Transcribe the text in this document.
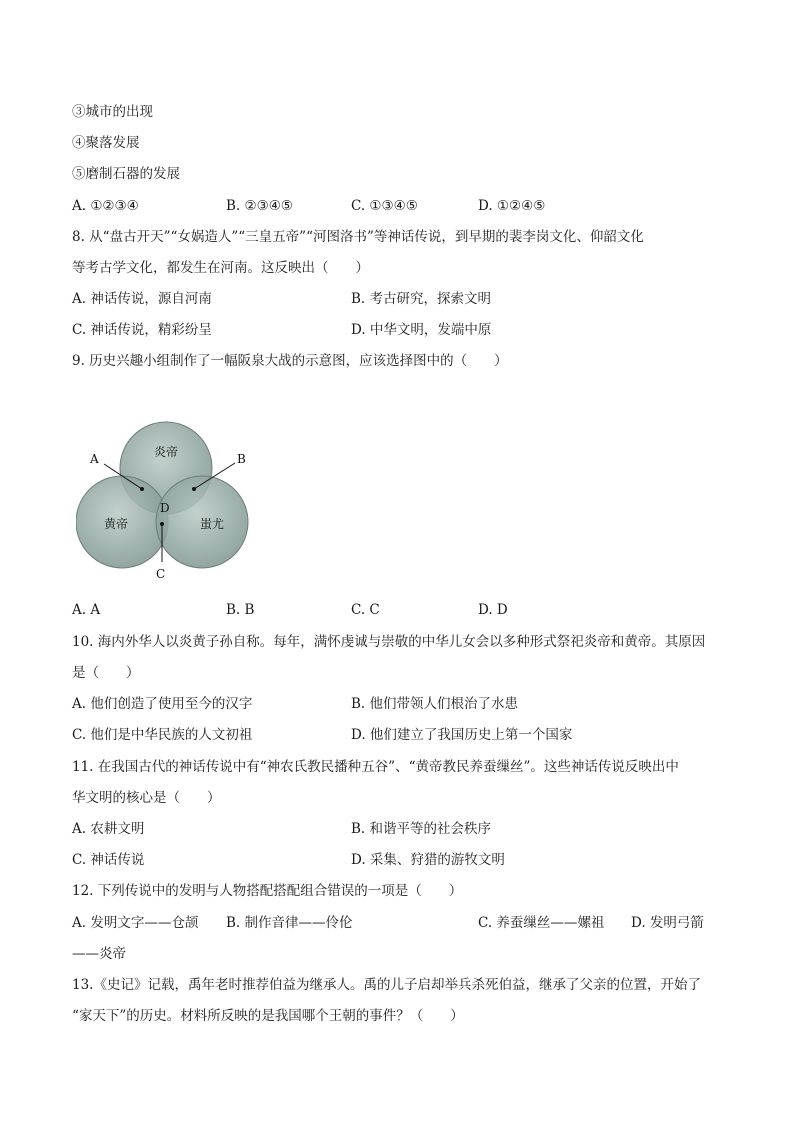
③城市的出现
④聚落发展
⑤磨制石器的发展
A. ①②③④	B. ②③④⑤	C. ①③④⑤	D. ①②④⑤
8. 从“盘古开天”“女娲造人”“三皇五帝”“河图洛书”等神话传说，到早期的裴李岗文化、仰韶文化
等考古学文化，都发生在河南。这反映出（　　）
A. 神话传说，源自河南	B. 考古研究，探索文明
C. 神话传说，精彩纷呈	D. 中华文明，发端中原
9. 历史兴趣小组制作了一幅阪泉大战的示意图，应该选择图中的（　　）
炎帝
黄帝	蚩尤
A	B
C
D
A. A	B. B	C. C	D. D
10. 海内外华人以炎黄子孙自称。每年，满怀虔诚与崇敬的中华儿女会以多种形式祭祀炎帝和黄帝。其原因
是（　　）
A. 他们创造了使用至今的汉字	B. 他们带领人们根治了水患
C. 他们是中华民族的人文初祖	D. 他们建立了我国历史上第一个国家
11. 在我国古代的神话传说中有“神农氏教民播种五谷”、“黄帝教民养蚕缫丝”。这些神话传说反映出中
华文明的核心是（　　）
A. 农耕文明	B. 和谐平等的社会秩序
C. 神话传说	D. 采集、狩猎的游牧文明
12. 下列传说中的发明与人物搭配搭配组合错误的一项是（　　）
A. 发明文字——仓颉 B. 制作音律——伶伦	C. 养蚕缫丝——嫘祖 D. 发明弓箭
——炎帝
13.《史记》记载，禹年老时推荐伯益为继承人。禹的儿子启却举兵杀死伯益，继承了父亲的位置，开始了
“家天下”的历史。材料所反映的是我国哪个王朝的事件？（　　）
